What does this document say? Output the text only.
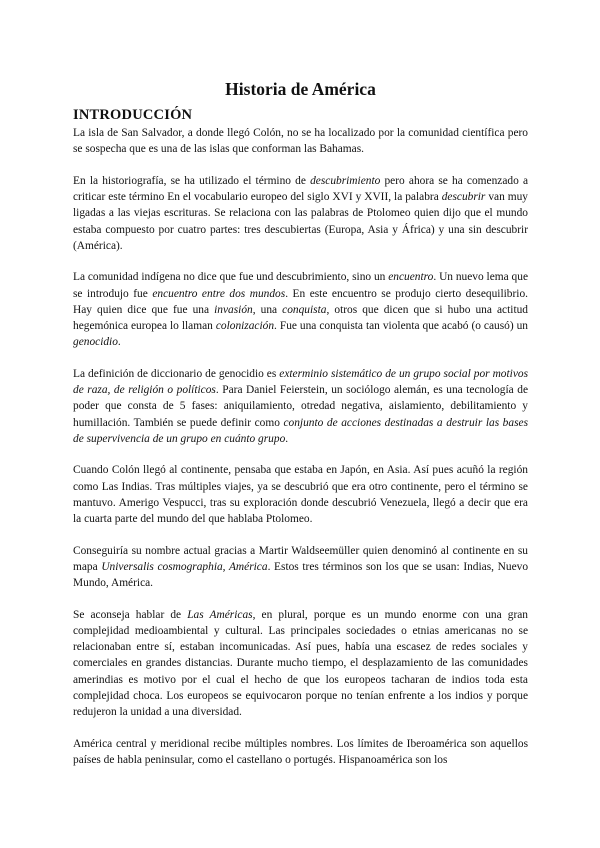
Historia de América
INTRODUCCIÓN

La isla de San Salvador, a donde llegó Colón, no se ha localizado por la comunidad científica pero se sospecha que es una de las islas que conforman las Bahamas.

En la historiografía, se ha utilizado el término de descubrimiento pero ahora se ha comenzado a criticar este término En el vocabulario europeo del siglo XVI y XVII, la palabra descubrir van muy ligadas a las viejas escrituras. Se relaciona con las palabras de Ptolomeo quien dijo que el mundo estaba compuesto por cuatro partes: tres descubiertas (Europa, Asia y África) y una sin descubrir (América).

La comunidad indígena no dice que fue und descubrimiento, sino un encuentro. Un nuevo lema que se introdujo fue encuentro entre dos mundos. En este encuentro se produjo cierto desequilibrio. Hay quien dice que fue una invasión, una conquista, otros que dicen que si hubo una actitud hegemónica europea lo llaman colonización. Fue una conquista tan violenta que acabó (o causó) un genocidio.

La definición de diccionario de genocidio es exterminio sistemático de un grupo social por motivos de raza, de religión o políticos. Para Daniel Feierstein, un sociólogo alemán, es una tecnología de poder que consta de 5 fases: aniquilamiento, otredad negativa, aislamiento, debilitamiento y humillación. También se puede definir como conjunto de acciones destinadas a destruir las bases de supervivencia de un grupo en cuánto grupo.

Cuando Colón llegó al continente, pensaba que estaba en Japón, en Asia. Así pues acuñó la región como Las Indias. Tras múltiples viajes, ya se descubrió que era otro continente, pero el término se mantuvo. Amerigo Vespucci, tras su exploración donde descubrió Venezuela, llegó a decir que era la cuarta parte del mundo del que hablaba Ptolomeo.

Conseguiría su nombre actual gracias a Martir Waldseemüller quien denominó al continente en su mapa Universalis cosmographia, América. Estos tres términos son los que se usan: Indias, Nuevo Mundo, América.

Se aconseja hablar de Las Américas, en plural, porque es un mundo enorme con una gran complejidad medioambiental y cultural. Las principales sociedades o etnias americanas no se relacionaban entre sí, estaban incomunicadas. Así pues, había una escasez de redes sociales y comerciales en grandes distancias. Durante mucho tiempo, el desplazamiento de las comunidades amerindias es motivo por el cual el hecho de que los europeos tacharan de indios toda esta complejidad choca. Los europeos se equivocaron porque no tenían enfrente a los indios y porque redujeron la unidad a una diversidad.

América central y meridional recibe múltiples nombres. Los límites de Iberoamérica son aquellos países de habla peninsular, como el castellano o portugés. Hispanoamérica son los
